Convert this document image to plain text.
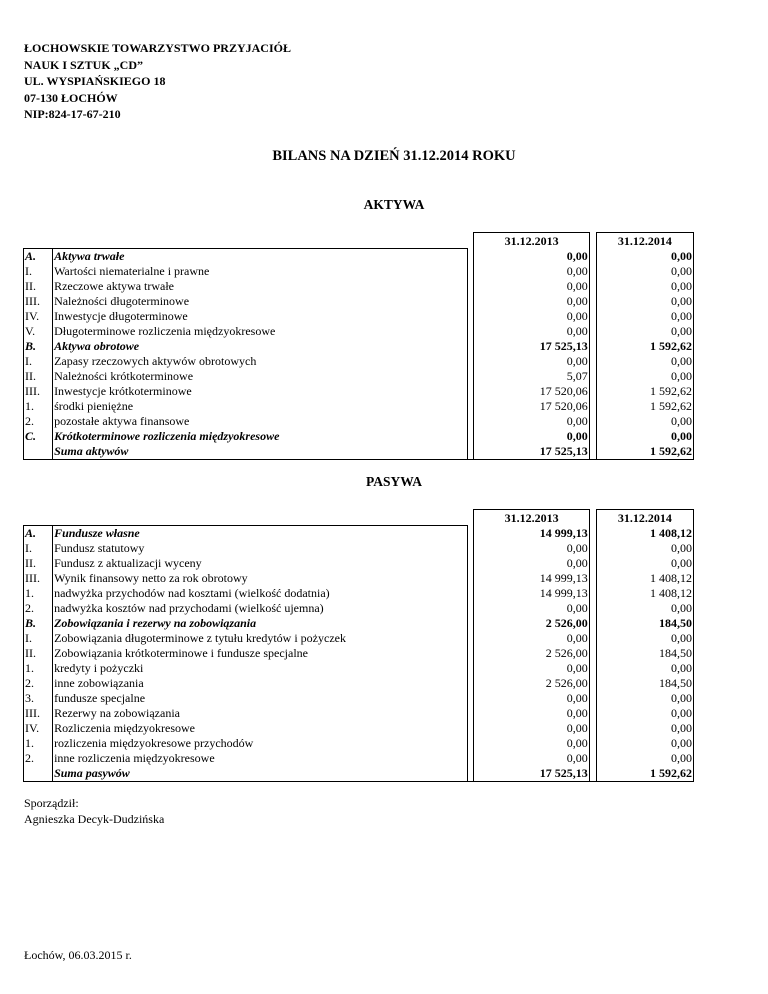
ŁOCHOWSKIE TOWARZYSTWO PRZYJACIÓŁ
NAUK I SZTUK „CD”
UL. WYSPIAŃSKIEGO 18
07-130 ŁOCHÓW
NIP:824-17-67-210
BILANS NA DZIEŃ 31.12.2014 ROKU
AKTYWA
			31.12.2013		31.12.2014
A.	Aktywa trwałe		0,00		0,00
I.	Wartości niematerialne i prawne		0,00		0,00
II.	Rzeczowe aktywa trwałe		0,00		0,00
III.	Należności długoterminowe		0,00		0,00
IV.	Inwestycje długoterminowe		0,00		0,00
V.	Długoterminowe rozliczenia międzyokresowe		0,00		0,00
B.	Aktywa obrotowe		17 525,13		1 592,62
I.	Zapasy rzeczowych aktywów obrotowych		0,00		0,00
II.	Należności krótkoterminowe		5,07		0,00
III.	Inwestycje krótkoterminowe		17 520,06		1 592,62
1.	środki pieniężne		17 520,06		1 592,62
2.	pozostałe aktywa finansowe		0,00		0,00
C.	Krótkoterminowe rozliczenia międzyokresowe		0,00		0,00
	Suma aktywów		17 525,13		1 592,62
PASYWA
			31.12.2013		31.12.2014
A.	Fundusze własne		14 999,13		1 408,12
I.	Fundusz statutowy		0,00		0,00
II.	Fundusz z aktualizacji wyceny		0,00		0,00
III.	Wynik finansowy netto za rok obrotowy		14 999,13		1 408,12
1.	nadwyżka przychodów nad kosztami (wielkość dodatnia)		14 999,13		1 408,12
2.	nadwyżka kosztów nad przychodami (wielkość ujemna)		0,00		0,00
B.	Zobowiązania i rezerwy na zobowiązania		2 526,00		184,50
I.	Zobowiązania długoterminowe z tytułu kredytów i pożyczek		0,00		0,00
II.	Zobowiązania krótkoterminowe i fundusze specjalne		2 526,00		184,50
1.	kredyty i pożyczki		0,00		0,00
2.	inne zobowiązania		2 526,00		184,50
3.	fundusze specjalne		0,00		0,00
III.	Rezerwy na zobowiązania		0,00		0,00
IV.	Rozliczenia międzyokresowe		0,00		0,00
1.	rozliczenia międzyokresowe przychodów		0,00		0,00
2.	inne rozliczenia międzyokresowe		0,00		0,00
	Suma pasywów		17 525,13		1 592,62
Sporządził:
Agnieszka Decyk-Dudzińska
Łochów, 06.03.2015 r.
